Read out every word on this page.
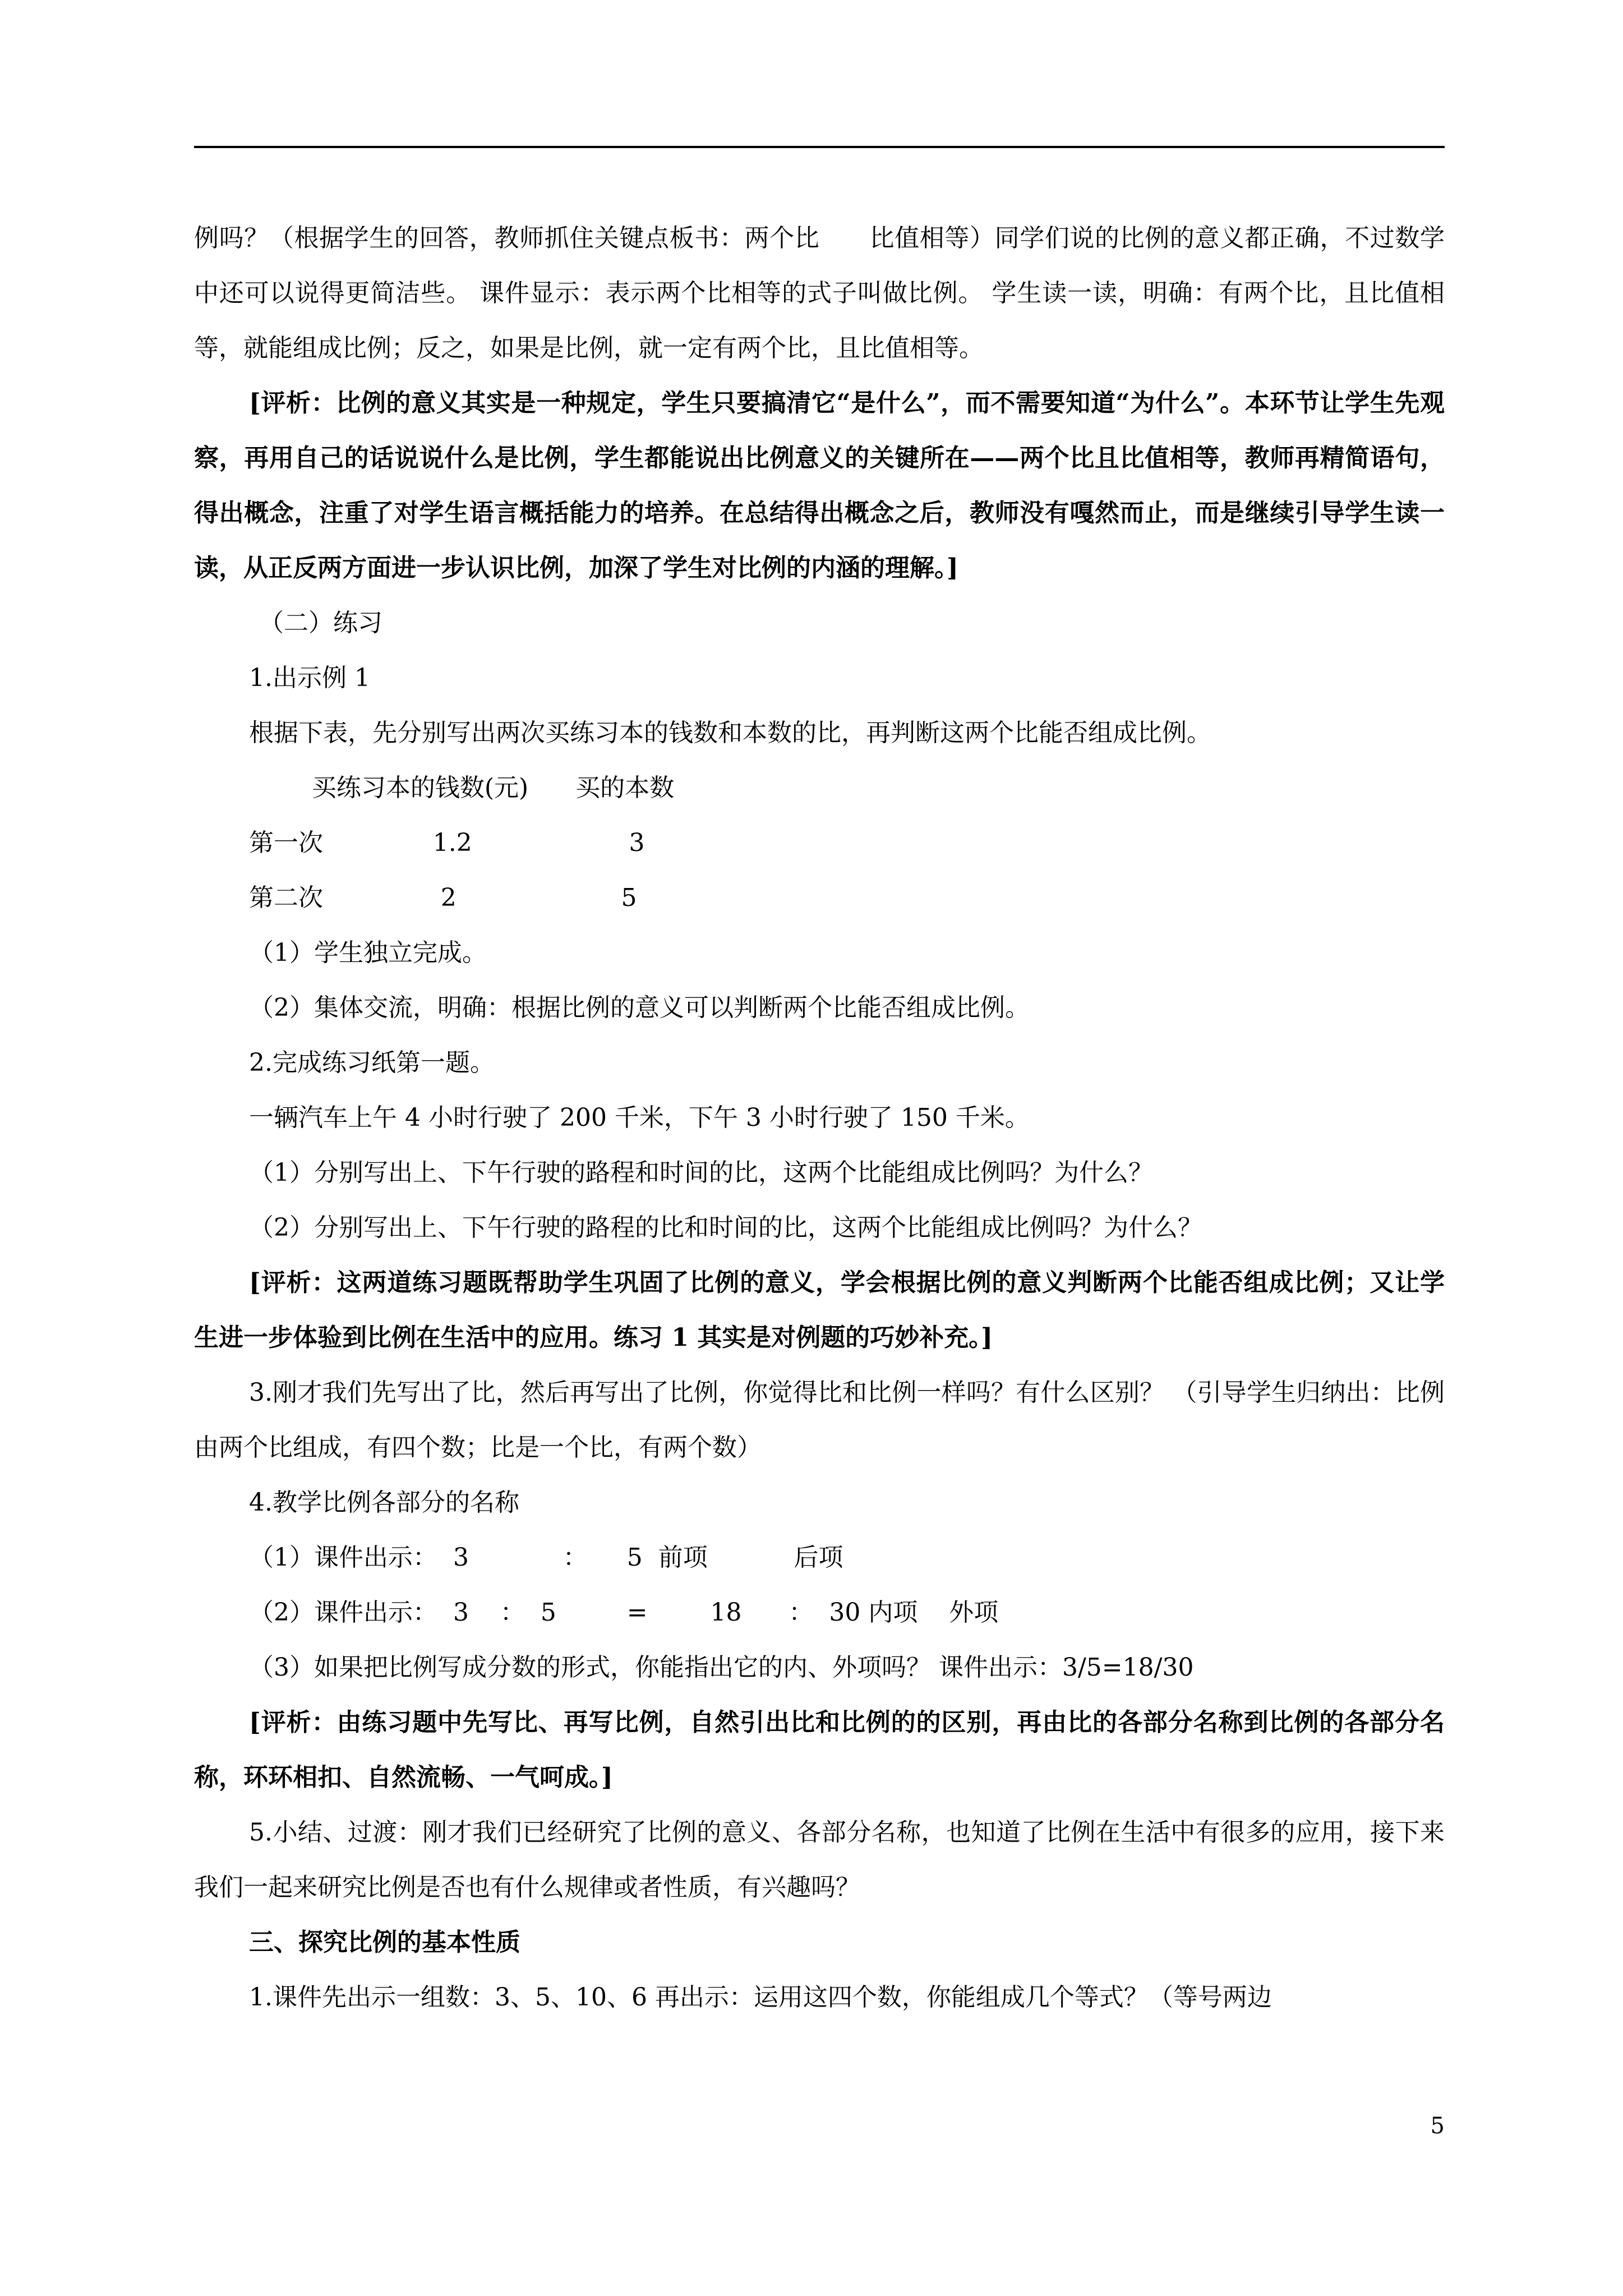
例吗？（根据学生的回答，教师抓住关键点板书：两个比　　比值相等）同学们说的比例的意义都正确，不过数学中还可以说得更简洁些。 课件显示：表示两个比相等的式子叫做比例。 学生读一读，明确：有两个比，且比值相等，就能组成比例；反之，如果是比例，就一定有两个比，且比值相等。

[评析：比例的意义其实是一种规定，学生只要搞清它“是什么”，而不需要知道“为什么”。本环节让学生先观察，再用自己的话说说什么是比例，学生都能说出比例意义的关键所在——两个比且比值相等，教师再精简语句，得出概念，注重了对学生语言概括能力的培养。在总结得出概念之后，教师没有嘎然而止，而是继续引导学生读一读，从正反两方面进一步认识比例，加深了学生对比例的内涵的理解。]

（二）练习

1.出示例 1

根据下表，先分别写出两次买练习本的钱数和本数的比，再判断这两个比能否组成比例。

买练习本的钱数(元)      买的本数

第一次              1.2                    3

第二次               2                     5

（1）学生独立完成。

（2）集体交流，明确：根据比例的意义可以判断两个比能否组成比例。

2.完成练习纸第一题。

一辆汽车上午 4 小时行驶了 200 千米，下午 3 小时行驶了 150 千米。

（1）分别写出上、下午行驶的路程和时间的比，这两个比能组成比例吗？为什么？

（2）分别写出上、下午行驶的路程的比和时间的比，这两个比能组成比例吗？为什么？

[评析：这两道练习题既帮助学生巩固了比例的意义，学会根据比例的意义判断两个比能否组成比例；又让学生进一步体验到比例在生活中的应用。练习 1 其实是对例题的巧妙补充。]

3.刚才我们先写出了比，然后再写出了比例，你觉得比和比例一样吗？有什么区别？ （引导学生归纳出：比例由两个比组成，有四个数；比是一个比，有两个数）

4.教学比例各部分的名称

（1）课件出示：  3            ：     5  前项           后项

（2）课件出示：  3    ：  5         =        18      ：  30 内项    外项

（3）如果把比例写成分数的形式，你能指出它的内、外项吗？ 课件出示：3/5=18/30

[评析：由练习题中先写比、再写比例，自然引出比和比例的的区别，再由比的各部分名称到比例的各部分名称，环环相扣、自然流畅、一气呵成。]

5.小结、过渡：刚才我们已经研究了比例的意义、各部分名称，也知道了比例在生活中有很多的应用，接下来我们一起来研究比例是否也有什么规律或者性质，有兴趣吗？

三、探究比例的基本性质

1.课件先出示一组数：3、5、10、6 再出示：运用这四个数，你能组成几个等式？（等号两边

5
